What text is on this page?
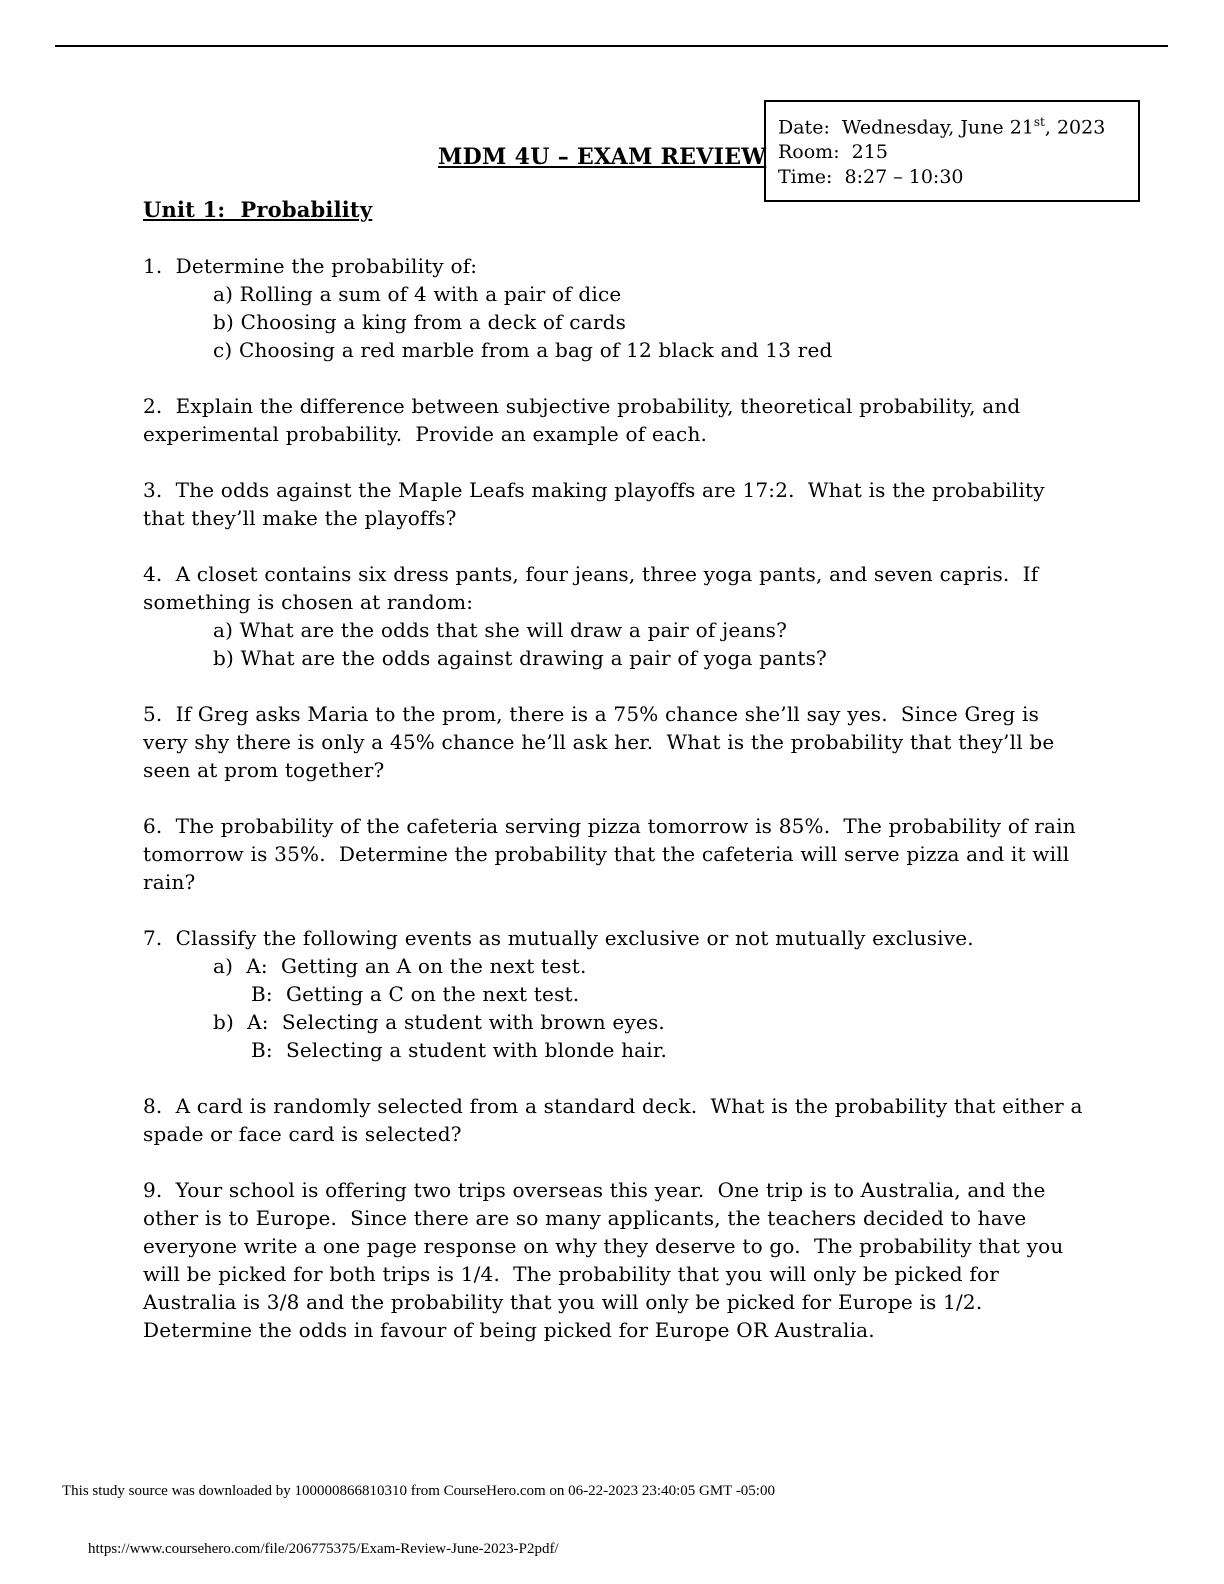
MDM 4U – EXAM REVIEW
Date:  Wednesday, June 21st, 2023
Room:  215
Time:  8:27 – 10:30
Unit 1:  Probability

1.  Determine the probability of:

a) Rolling a sum of 4 with a pair of dice
b) Choosing a king from a deck of cards
c) Choosing a red marble from a bag of 12 black and 13 red

2.  Explain the difference between subjective probability, theoretical probability, and experimental probability.  Provide an example of each.

3.  The odds against the Maple Leafs making playoffs are 17:2.  What is the probability that they’ll make the playoffs?

4.  A closet contains six dress pants, four jeans, three yoga pants, and seven capris.  If something is chosen at random:

a) What are the odds that she will draw a pair of jeans?
b) What are the odds against drawing a pair of yoga pants?

5.  If Greg asks Maria to the prom, there is a 75% chance she’ll say yes.  Since Greg is very shy there is only a 45% chance he’ll ask her.  What is the probability that they’ll be seen at prom together?

6.  The probability of the cafeteria serving pizza tomorrow is 85%.  The probability of rain tomorrow is 35%.  Determine the probability that the cafeteria will serve pizza and it will rain?

7.  Classify the following events as mutually exclusive or not mutually exclusive.

a)  A:  Getting an A on the next test.
B:  Getting a C on the next test.
b)  A:  Selecting a student with brown eyes.
B:  Selecting a student with blonde hair.

8.  A card is randomly selected from a standard deck.  What is the probability that either a spade or face card is selected?

9.  Your school is offering two trips overseas this year.  One trip is to Australia, and the other is to Europe.  Since there are so many applicants, the teachers decided to have everyone write a one page response on why they deserve to go.  The probability that you will be picked for both trips is 1/4.  The probability that you will only be picked for Australia is 3/8 and the probability that you will only be picked for Europe is 1/2.  Determine the odds in favour of being picked for Europe OR Australia.

This study source was downloaded by 100000866810310 from CourseHero.com on 06-22-2023 23:40:05 GMT -05:00
https://www.coursehero.com/file/206775375/Exam-Review-June-2023-P2pdf/
